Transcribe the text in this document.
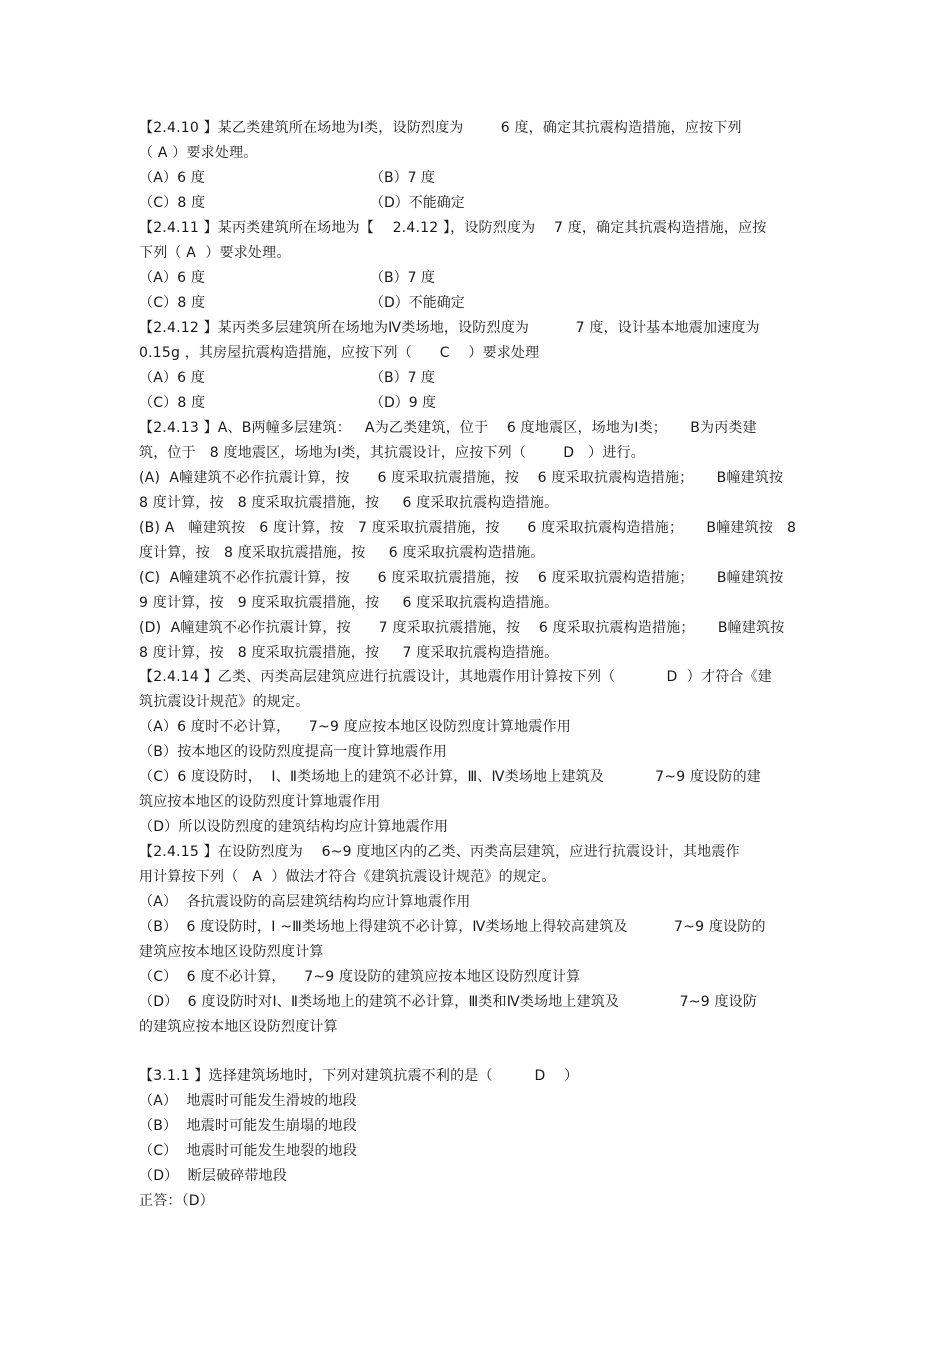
【2.4.10 】某乙类建筑所在场地为Ⅰ类，设防烈度为        6 度，确定其抗震构造措施，应按下列
（ A ）要求处理。
（A）6 度	（B）7 度
（C）8 度	（D）不能确定
【2.4.11 】某丙类建筑所在场地为【    2.4.12 】，设防烈度为    7 度，确定其抗震构造措施，应按
下列（ A  ）要求处理。
（A）6 度	（B）7 度
（C）8 度	（D）不能确定
【2.4.12 】某丙类多层建筑所在场地为Ⅳ类场地，设防烈度为          7 度，设计基本地震加速度为
0.15g ，其房屋抗震构造措施，应按下列（      C    ）要求处理
（A）6 度	（B）7 度
（C）8 度	（D）9 度
【2.4.13 】A、B两幢多层建筑：   A为乙类建筑，位于    6 度地震区，场地为Ⅰ类；     B为丙类建
筑，位于   8 度地震区，场地为Ⅰ类，其抗震设计，应按下列（        D   ）进行。
(A)  A幢建筑不必作抗震计算，按      6 度采取抗震措施，按    6 度采取抗震构造措施；     B幢建筑按
8 度计算，按   8 度采取抗震措施，按     6 度采取抗震构造措施。
(B) A   幢建筑按   6 度计算，按   7 度采取抗震措施，按      6 度采取抗震构造措施；     B幢建筑按   8
度计算，按   8 度采取抗震措施，按     6 度采取抗震构造措施。
(C)  A幢建筑不必作抗震计算，按      6 度采取抗震措施，按    6 度采取抗震构造措施；     B幢建筑按
9 度计算，按   9 度采取抗震措施，按     6 度采取抗震构造措施。
(D)  A幢建筑不必作抗震计算，按      7 度采取抗震措施，按    6 度采取抗震构造措施；     B幢建筑按
8 度计算，按   8 度采取抗震措施，按     7 度采取抗震构造措施。
【2.4.14 】乙类、丙类高层建筑应进行抗震设计，其地震作用计算按下列（           D  ）才符合《建
筑抗震设计规范》的规定。
（A）6 度时不必计算，    7~9 度应按本地区设防烈度计算地震作用
（B）按本地区的设防烈度提高一度计算地震作用
（C）6 度设防时，  Ⅰ、Ⅱ类场地上的建筑不必计算，Ⅲ、Ⅳ类场地上建筑及           7~9 度设防的建
筑应按本地区的设防烈度计算地震作用
（D）所以设防烈度的建筑结构均应计算地震作用
【2.4.15 】在设防烈度为    6~9 度地区内的乙类、丙类高层建筑，应进行抗震设计，其地震作
用计算按下列（   A  ）做法才符合《建筑抗震设计规范》的规定。
（A）  各抗震设防的高层建筑结构均应计算地震作用
（B）  6 度设防时，Ⅰ ~Ⅲ类场地上得建筑不必计算，Ⅳ类场地上得较高建筑及          7~9 度设防的
建筑应按本地区设防烈度计算
（C）  6 度不必计算，    7~9 度设防的建筑应按本地区设防烈度计算
（D）  6 度设防时对Ⅰ、Ⅱ类场地上的建筑不必计算，Ⅲ类和Ⅳ类场地上建筑及             7~9 度设防
的建筑应按本地区设防烈度计算
【3.1.1 】选择建筑场地时，下列对建筑抗震不利的是（         D    ）
（A）  地震时可能发生滑坡的地段
（B）  地震时可能发生崩塌的地段
（C）  地震时可能发生地裂的地段
（D）  断层破碎带地段
正答：（D）
